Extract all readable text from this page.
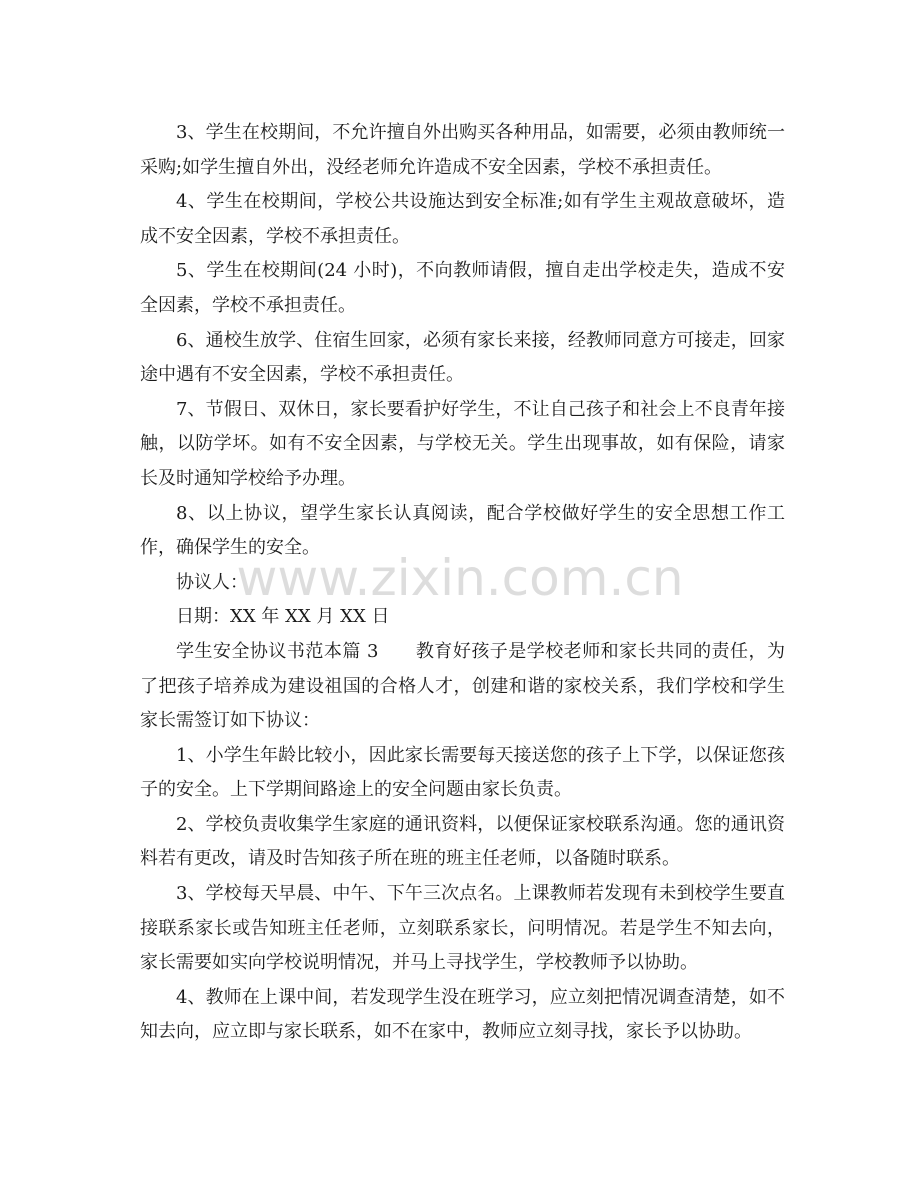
3、学生在校期间，不允许擅自外出购买各种用品，如需要，必须由教师统一采购;如学生擅自外出，没经老师允许造成不安全因素，学校不承担责任。

4、学生在校期间，学校公共设施达到安全标准;如有学生主观故意破坏，造成不安全因素，学校不承担责任。

5、学生在校期间(24 小时)，不向教师请假，擅自走出学校走失，造成不安全因素，学校不承担责任。

6、通校生放学、住宿生回家，必须有家长来接，经教师同意方可接走，回家途中遇有不安全因素，学校不承担责任。

7、节假日、双休日，家长要看护好学生，不让自己孩子和社会上不良青年接触，以防学坏。如有不安全因素，与学校无关。学生出现事故，如有保险，请家长及时通知学校给予办理。

8、以上协议，望学生家长认真阅读，配合学校做好学生的安全思想工作工作，确保学生的安全。

协议人：

日期：XX 年 XX 月 XX 日

学生安全协议书范本篇 3　　教育好孩子是学校老师和家长共同的责任，为了把孩子培养成为建设祖国的合格人才，创建和谐的家校关系，我们学校和学生家长需签订如下协议：

1、小学生年龄比较小，因此家长需要每天接送您的孩子上下学，以保证您孩子的安全。上下学期间路途上的安全问题由家长负责。

2、学校负责收集学生家庭的通讯资料，以便保证家校联系沟通。您的通讯资料若有更改，请及时告知孩子所在班的班主任老师，以备随时联系。

3、学校每天早晨、中午、下午三次点名。上课教师若发现有未到校学生要直接联系家长或告知班主任老师，立刻联系家长，问明情况。若是学生不知去向，家长需要如实向学校说明情况，并马上寻找学生，学校教师予以协助。

4、教师在上课中间，若发现学生没在班学习，应立刻把情况调查清楚，如不知去向，应立即与家长联系，如不在家中，教师应立刻寻找，家长予以协助。

www.zixin.com.cn
